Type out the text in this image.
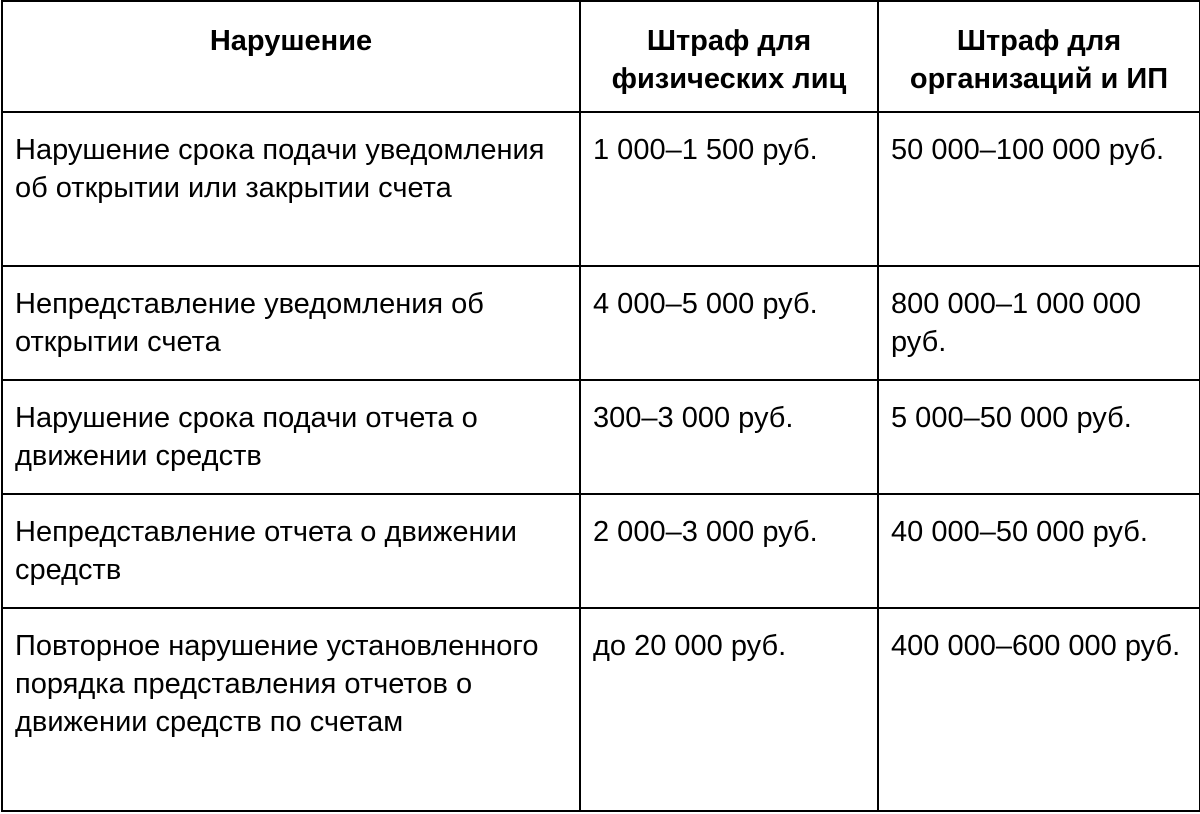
Нарушение	Штраф для физических лиц	Штраф для организаций и ИП
Нарушение срока подачи уведомления об открытии или закрытии счета	1 000–1 500 руб.	50 000–100 000 руб.
Непредставление уведомления об открытии счета	4 000–5 000 руб.	800 000–1 000 000 руб.
Нарушение срока подачи отчета о движении средств	300–3 000 руб.	5 000–50 000 руб.
Непредставление отчета о движении средств	2 000–3 000 руб.	40 000–50 000 руб.
Повторное нарушение установленного порядка представления отчетов о движении средств по счетам	до 20 000 руб.	400 000–600 000 руб.
